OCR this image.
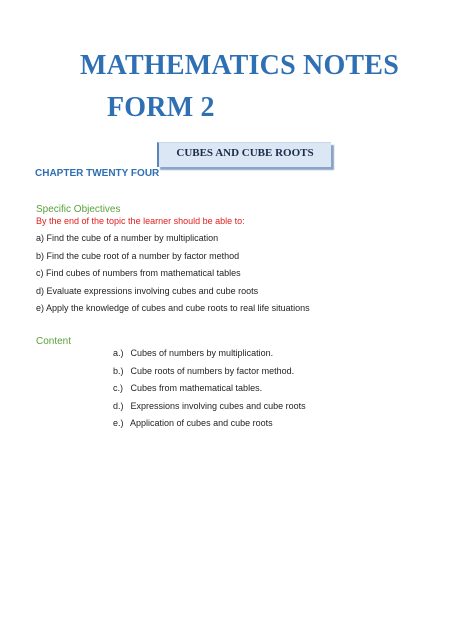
MATHEMATICS NOTES
FORM 2
CUBES AND CUBE ROOTS
CHAPTER TWENTY FOUR
Specific Objectives
By the end of the topic the learner should be able to:
a) Find the cube of a number by multiplication
b) Find the cube root of a number by factor method
c) Find cubes of numbers from mathematical tables
d) Evaluate expressions involving cubes and cube roots
e) Apply the knowledge of cubes and cube roots to real life situations
Content
a.) Cubes of numbers by multiplication.
b.) Cube roots of numbers by factor method.
c.) Cubes from mathematical tables.
d.) Expressions involving cubes and cube roots
e.) Application of cubes and cube roots
